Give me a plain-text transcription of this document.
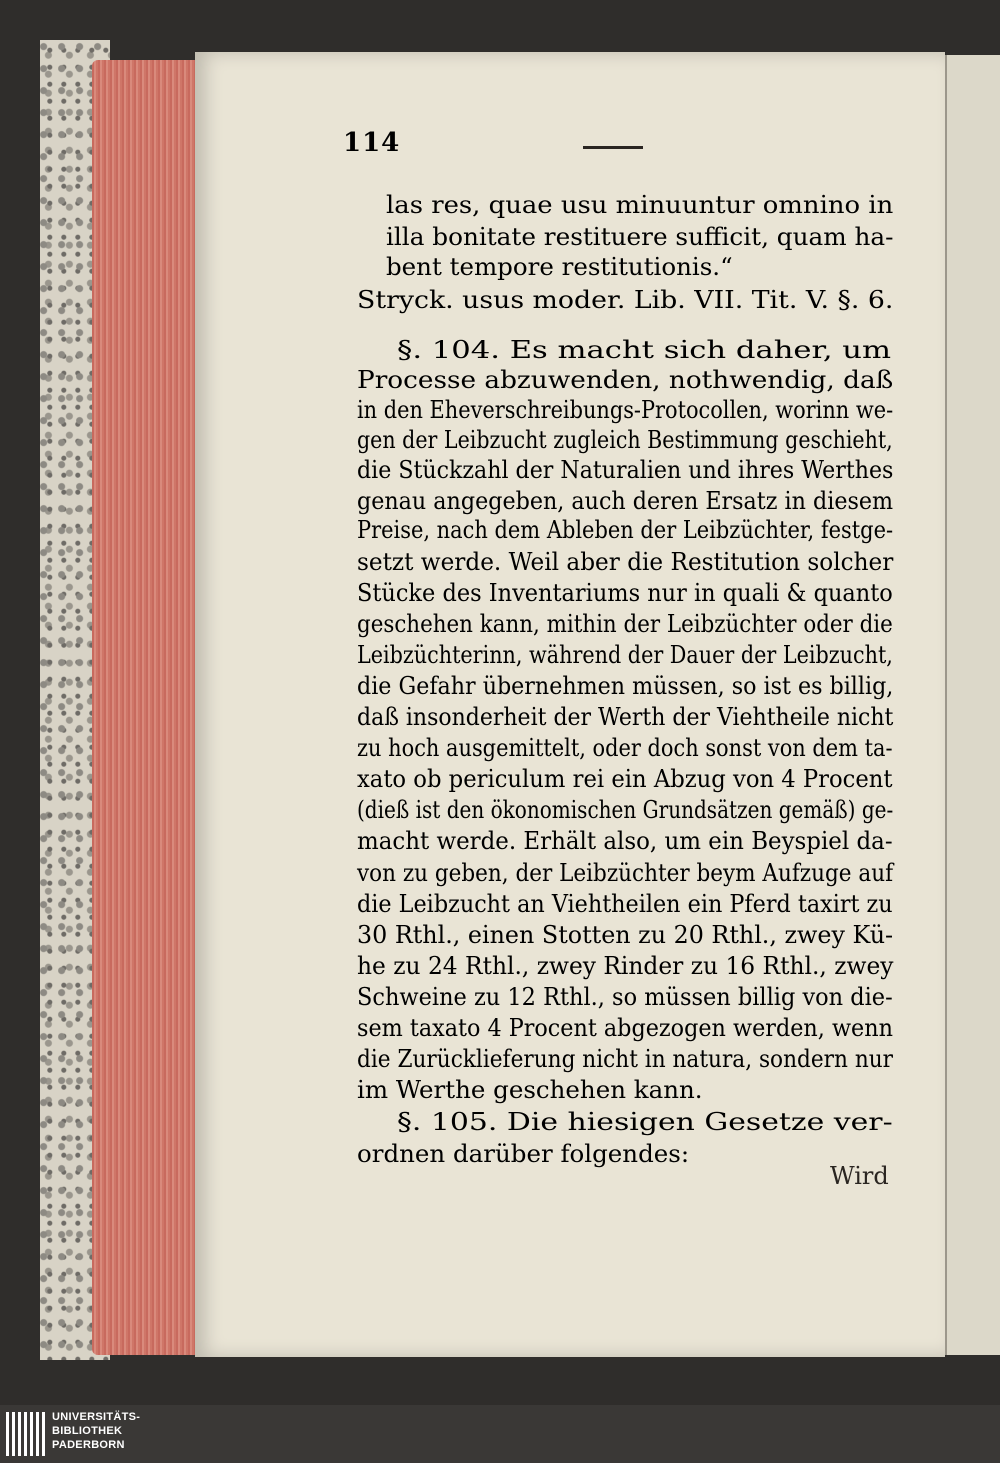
114
las res, quae usu minuuntur omnino in
illa bonitate restituere sufficit, quam ha-
bent tempore restitutionis.“
Stryck. usus moder. Lib. VII. Tit. V. §. 6.
§. 104. Es macht sich daher, um
Processe abzuwenden, nothwendig, daß
in den Eheverschreibungs-Protocollen, worinn we-
gen der Leibzucht zugleich Bestimmung geschieht,
die Stückzahl der Naturalien und ihres Werthes
genau angegeben, auch deren Ersatz in diesem
Preise, nach dem Ableben der Leibzüchter, festge-
setzt werde. Weil aber die Restitution solcher
Stücke des Inventariums nur in quali & quanto
geschehen kann, mithin der Leibzüchter oder die
Leibzüchterinn, während der Dauer der Leibzucht,
die Gefahr übernehmen müssen, so ist es billig,
daß insonderheit der Werth der Viehtheile nicht
zu hoch ausgemittelt, oder doch sonst von dem ta-
xato ob periculum rei ein Abzug von 4 Procent
(dieß ist den ökonomischen Grundsätzen gemäß) ge-
macht werde. Erhält also, um ein Beyspiel da-
von zu geben, der Leibzüchter beym Aufzuge auf
die Leibzucht an Viehtheilen ein Pferd taxirt zu
30 Rthl., einen Stotten zu 20 Rthl., zwey Kü-
he zu 24 Rthl., zwey Rinder zu 16 Rthl., zwey
Schweine zu 12 Rthl., so müssen billig von die-
sem taxato 4 Procent abgezogen werden, wenn
die Zurücklieferung nicht in natura, sondern nur
im Werthe geschehen kann.
§. 105. Die hiesigen Gesetze ver-
ordnen darüber folgendes:
Wird
UNIVERSITÄTS-
BIBLIOTHEK
PADERBORN
